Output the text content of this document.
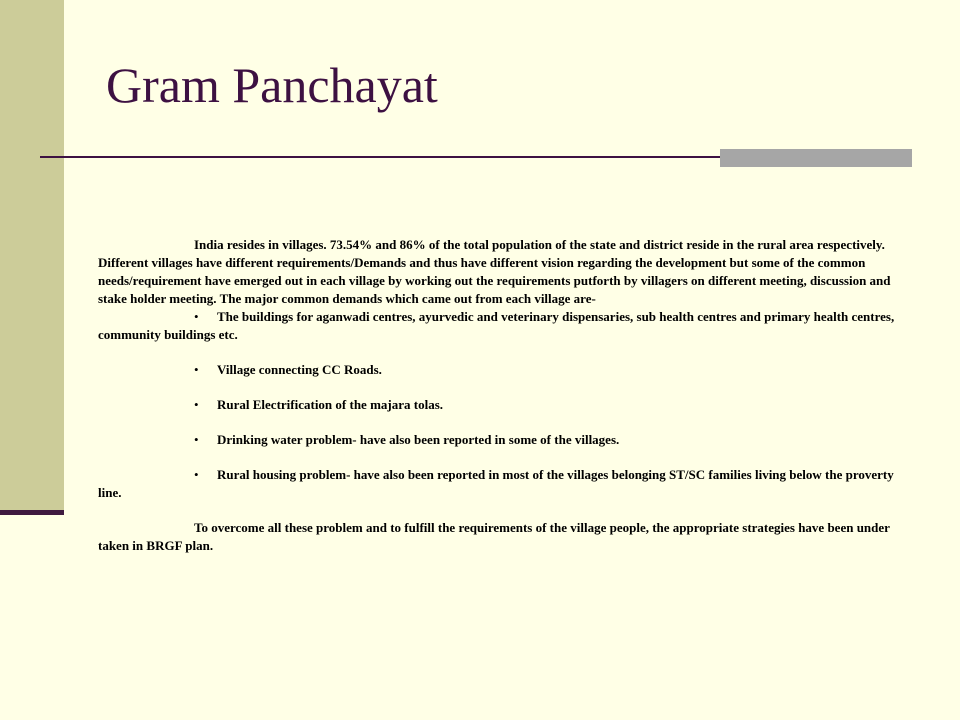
Gram Panchayat

India resides in villages. 73.54% and 86% of the total population of the state and district reside in the rural area respectively. Different villages have different requirements/Demands and thus have different vision regarding the development but some of the common needs/requirement have emerged out in each village by working out the requirements putforth by villagers on different meeting, discussion and stake holder meeting. The major common demands which came out from each village are-

• The buildings for aganwadi centres, ayurvedic and veterinary dispensaries, sub health centres and primary health centres, community buildings etc.

• Village connecting CC Roads.

• Rural Electrification of the majara tolas.

• Drinking water problem- have also been reported in some of the villages.

• Rural housing problem- have also been reported in most of the villages belonging ST/SC families living below the proverty line.

To overcome all these problem and to fulfill the requirements of the village people, the appropriate strategies have been under taken in BRGF plan.
